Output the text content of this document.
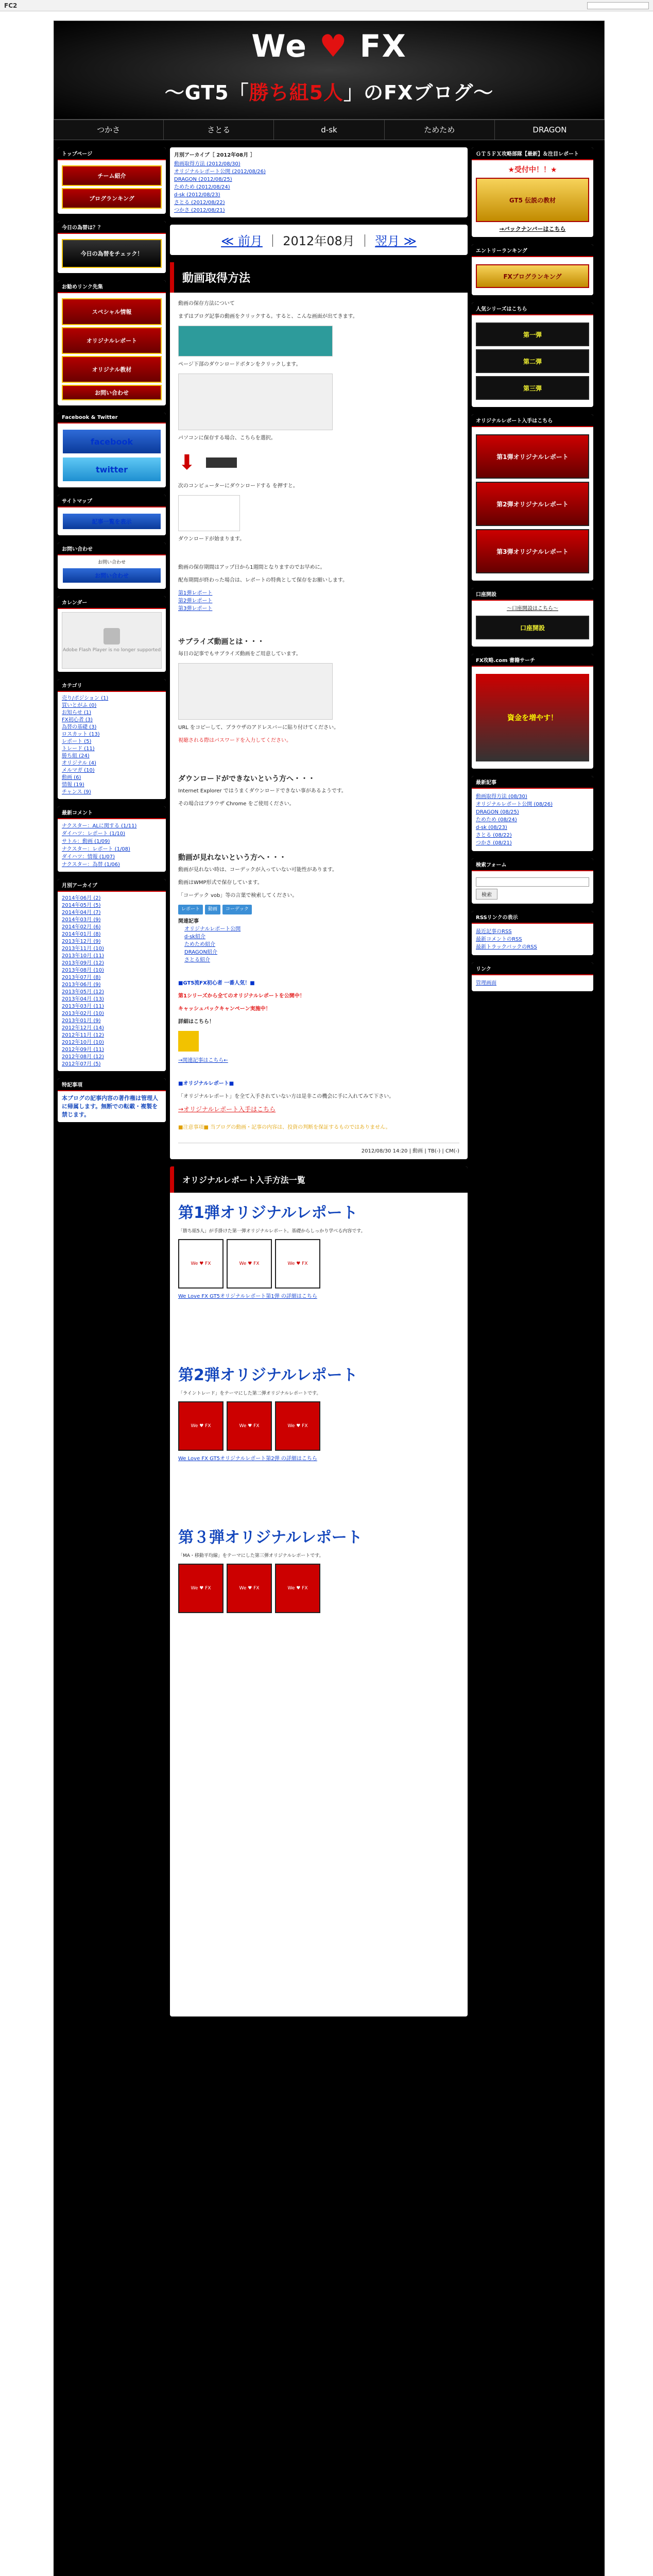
FC2
We ♥ FX
〜GT5「勝ち組5人」のFXブログ〜
つかさ	さとる	d-sk	ためため	DRAGON
トップページ
チーム紹介
ブログランキング
今日の為替は？？
今日の為替をチェック！
お勧めリンク先集
スペシャル情報
オリジナルレポート
オリジナル教材
お問い合わせ
Facebook & Twitter
facebook
twitter
サイトマップ
記事一覧を表示
お問い合わせ
お問い合わせ
お問い合わせ
カレンダー
Adobe Flash Player is no longer supported
カテゴリ
売り/ポジション (1)
買いとがふ (0)
お知らせ (1)
FX初心者 (3)
為替の基礎 (3)
ロスカット (13)
レポート (5)
トレード (11)
勝ち組 (24)
オリジナル (4)
メルマガ (10)
動画 (6)
情報 (19)
チャンス (9)
最新コメント
ナクスター：ALに関する (1/11)
ダイハツ：レポート (1/10)
サトル：動画 (1/09)
ナクスター：レポート (1/08)
ダイハツ：情報 (1/07)
ナクスター：為替 (1/06)
月別アーカイブ
2014年06月 (2)
2014年05月 (5)
2014年04月 (7)
2014年03月 (9)
2014年02月 (6)
2014年01月 (8)
2013年12月 (9)
2013年11月 (10)
2013年10月 (11)
2013年09月 (12)
2013年08月 (10)
2013年07月 (8)
2013年06月 (9)
2013年05月 (12)
2013年04月 (13)
2013年03月 (11)
2013年02月 (10)
2013年01月 (9)
2012年12月 (14)
2012年11月 (12)
2012年10月 (10)
2012年09月 (11)
2012年08月 (12)
2012年07月 (5)
特記事項
本ブログの記事内容の著作権は管理人に帰属します。無断での転載・複製を禁じます。
月別アーカイブ［ 2012年08月 ］
動画取得方法 (2012/08/30)
オリジナルレポート公開 (2012/08/26)
DRAGON (2012/08/25)
ためため (2012/08/24)
d-sk (2012/08/23)
さとる (2012/08/22)
つかさ (2012/08/21)
≪ 前月 ｜ 2012年08月 ｜ 翌月 ≫
動画取得方法

動画の保存方法について

まずはブログ記事の動画をクリックする。すると、こんな画面が出てきます。

ページ下部のダウンロードボタンをクリックします。

パソコンに保存する場合、こちらを選択。

⬇

次のコンピューターにダウンロードする を押すと。

ダウンロードが始まります。

動画の保存期間はアップ日から1週間となりますのでお早めに。

配布期間が終わった場合は、レポートの特典として保存をお願いします。

第1弾レポート
第2弾レポート
第3弾レポート
サブライズ動画とは・・・

毎日の記事でもサブライズ動画をご用意しています。

URL をコピーして、ブラウザのアドレスバーに貼り付けてください。

視聴される際はパスワードを入力してください。

ダウンロードができないという方へ・・・

Internet Explorer ではうまくダウンロードできない事があるようです。

その場合はブラウザ Chrome をご使用ください。

動画が見れないという方へ・・・

動画が見れない時は、コーデックが入っていない可能性があります。

動画はWMP形式で保存しています。

「コーデック vob」等の言葉で検索してください。

レポート	動画	コーデック
関連記事
オリジナルレポート公開
d-sk紹介
ためため紹介
DRAGON紹介
さとる紹介

■GT5流FX初心者 一番人気！■

第1シリーズから全てのオリジナルレポートを公開中！

キャッシュバックキャンペーン実施中！

詳細はこちら！

→関連記事はこちら←

■オリジナルレポート■

「オリジナルレポート」を全て入手されていない方は是非この機会に手に入れてみて下さい。

→オリジナルレポート入手はこちら

■注意事項■ 当ブログの動画・記事の内容は、投資の判断を保証するものではありません。

2012/08/30 14:20 | 動画 | TB(-) | CM(-)
オリジナルレポート入手方法一覧
第1弾オリジナルレポート
「勝ち組5人」が手掛けた第一弾オリジナルレポート。基礎からしっかり学べる内容です。
We ♥ FX	We ♥ FX	We ♥ FX
We Love FX GT5オリジナルレポート第1弾 の詳細はこちら
第2弾オリジナルレポート
「ライントレード」をテーマにした第二弾オリジナルレポートです。
We ♥ FX	We ♥ FX	We ♥ FX
We Love FX GT5オリジナルレポート第2弾 の詳細はこちら
第３弾オリジナルレポート
「MA・移動平均線」をテーマにした第三弾オリジナルレポートです。
We ♥ FX	We ♥ FX	We ♥ FX
ＧＴ５ＦＸ攻略部隊【最新】＆注目レポート
★受付中！！★
GT5 伝説の教材
→バックナンバーはこちら
エントリーランキング
FXブログランキング
人気シリーズはこちら
第一弾
第二弾
第三弾
オリジナルレポート入手はこちら
第1弾オリジナルレポート
第2弾オリジナルレポート
第3弾オリジナルレポート
口座開設
〜口座開設はこちら〜
口座開設
FX攻略.com 書籍サーチ
資金を増やす！
最新記事
動画取得方法 (08/30)
オリジナルレポート公開 (08/26)
DRAGON (08/25)
ためため (08/24)
d-sk (08/23)
さとる (08/22)
つかさ (08/21)
検索フォーム
検索
RSSリンクの表示
最近記事のRSS
最新コメントのRSS
最新トラックバックのRSS
リンク
管理画面
